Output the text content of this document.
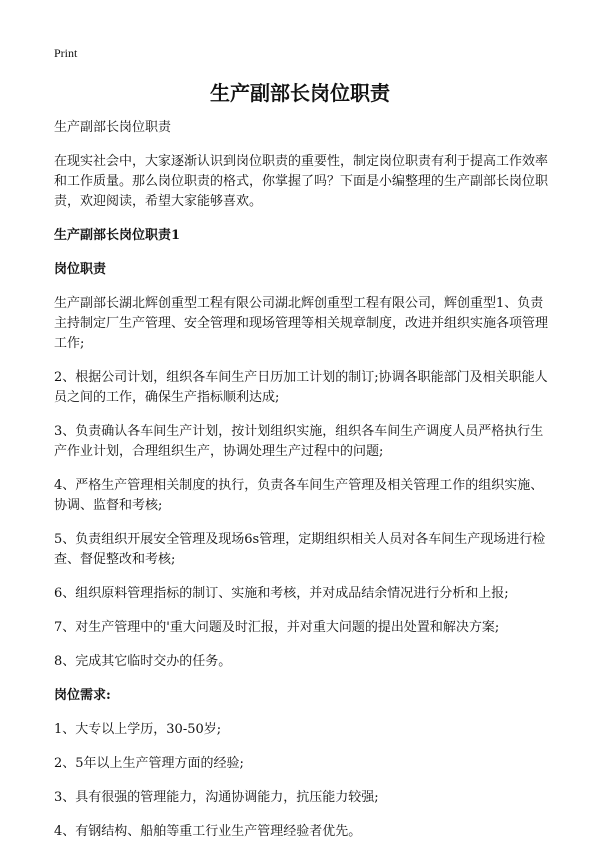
Print
生产副部长岗位职责

生产副部长岗位职责

在现实社会中，大家逐渐认识到岗位职责的重要性，制定岗位职责有利于提高工作效率和工作质量。那么岗位职责的格式，你掌握了吗？下面是小编整理的生产副部长岗位职责，欢迎阅读，希望大家能够喜欢。

生产副部长岗位职责1

岗位职责

生产副部长湖北辉创重型工程有限公司湖北辉创重型工程有限公司，辉创重型1、负责主持制定厂生产管理、安全管理和现场管理等相关规章制度，改进并组织实施各项管理工作;

2、根据公司计划，组织各车间生产日历加工计划的制订;协调各职能部门及相关职能人员之间的工作，确保生产指标顺利达成;

3、负责确认各车间生产计划，按计划组织实施，组织各车间生产调度人员严格执行生产作业计划，合理组织生产，协调处理生产过程中的问题;

4、严格生产管理相关制度的执行，负责各车间生产管理及相关管理工作的组织实施、协调、监督和考核;

5、负责组织开展安全管理及现场6s管理，定期组织相关人员对各车间生产现场进行检查、督促整改和考核;

6、组织原料管理指标的制订、实施和考核，并对成品结余情况进行分析和上报;

7、对生产管理中的'重大问题及时汇报，并对重大问题的提出处置和解决方案;

8、完成其它临时交办的任务。

岗位需求:

1、大专以上学历，30-50岁;

2、5年以上生产管理方面的经验;

3、具有很强的管理能力，沟通协调能力，抗压能力较强;

4、有钢结构、船舶等重工行业生产管理经验者优先。
